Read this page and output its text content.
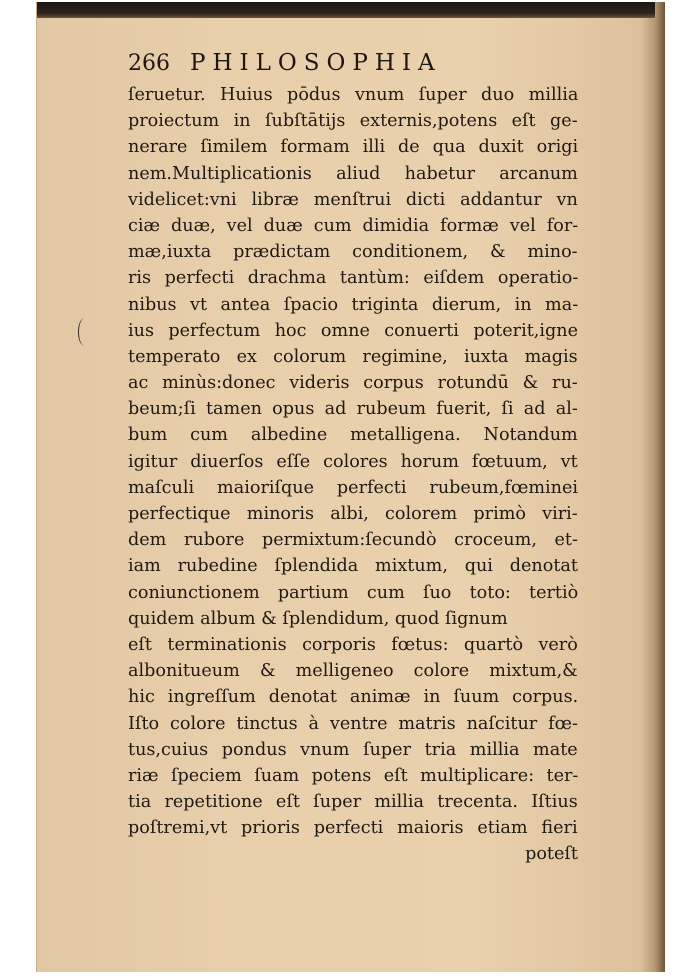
266 PHILOSOPHIA
ſeruetur. Huius pōdus vnum ſuper duo millia
proiectum in ſubſtātijs externis,potens eſt ge-
nerare ſimilem formam illi de qua duxit origi
nem.Multiplicationis aliud habetur arcanum
videlicet:vni libræ menſtrui dicti addantur vn
ciæ duæ, vel duæ cum dimidia formæ vel for-
mæ,iuxta prædictam conditionem, & mino-
ris perfecti drachma tantùm: eiſdem operatio-
nibus vt antea ſpacio triginta dierum, in ma-
ius perfectum hoc omne conuerti poterit,igne
temperato ex colorum regimine, iuxta magis
ac minùs:donec videris corpus rotundū & ru-
beum;ſi tamen opus ad rubeum fuerit, ſi ad al-
bum cum albedine metalligena. Notandum
igitur diuerſos eſſe colores horum fœtuum, vt
maſculi maioriſque perfecti rubeum,fœminei
perfectique minoris albi, colorem primò viri-
dem rubore permixtum:ſecundò croceum, et-
iam rubedine ſplendida mixtum, qui denotat
coniunctionem partium cum ſuo toto: tertiò
quidem album & ſplendidum, quod ſignum
eſt terminationis corporis fœtus: quartò verò
albonitueum & melligeneo colore mixtum,&
hic ingreſſum denotat animæ in ſuum corpus.
Iſto colore tinctus à ventre matris naſcitur fœ-
tus,cuius pondus vnum ſuper tria millia mate
riæ ſpeciem ſuam potens eſt multiplicare: ter-
tia repetitione eſt ſuper millia trecenta. Iſtius
poſtremi,vt prioris perfecti maioris etiam fieri
poteſt
